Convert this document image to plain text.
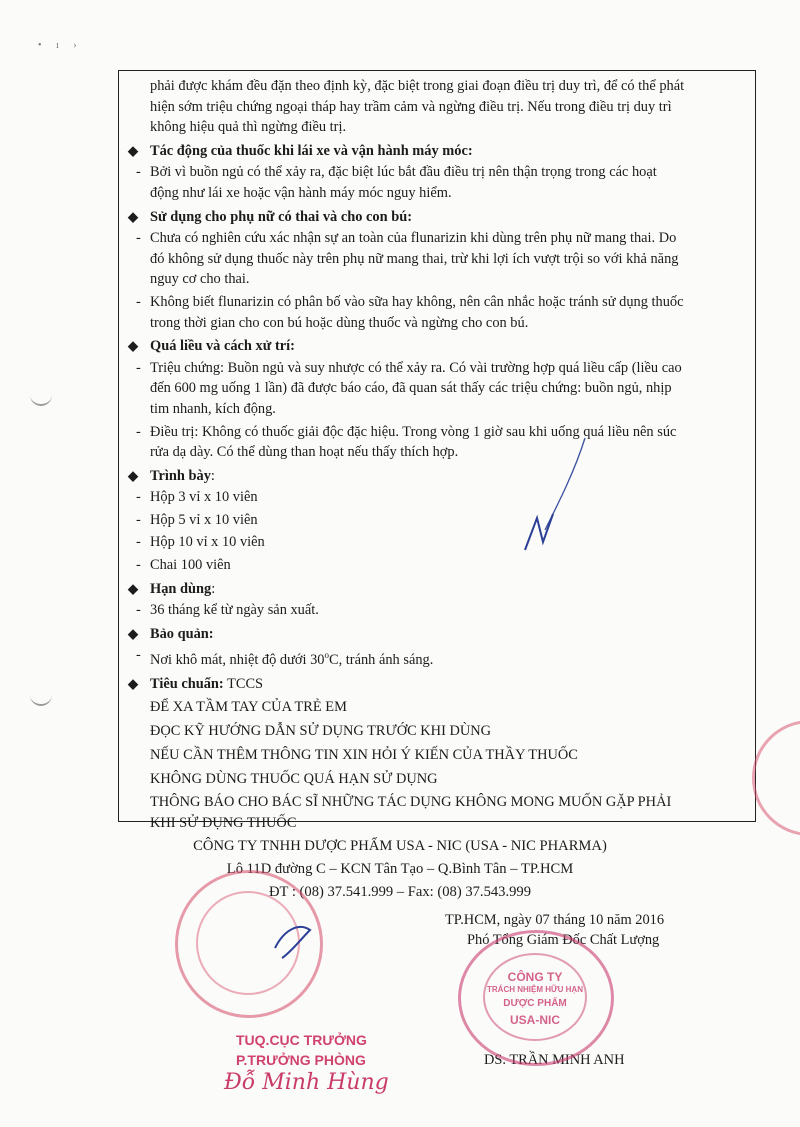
• ı ›

phải được khám đều đặn theo định kỳ, đặc biệt trong giai đoạn điều trị duy trì, để có thể phát

hiện sớm triệu chứng ngoại tháp hay trầm cảm và ngừng điều trị. Nếu trong điều trị duy trì

không hiệu quả thì ngừng điều trị.

◆ Tác động của thuốc khi lái xe và vận hành máy móc:
- Bởi vì buồn ngủ có thể xảy ra, đặc biệt lúc bắt đầu điều trị nên thận trọng trong các hoạt
động như lái xe hoặc vận hành máy móc nguy hiểm.
◆ Sử dụng cho phụ nữ có thai và cho con bú:
- Chưa có nghiên cứu xác nhận sự an toàn của flunarizin khi dùng trên phụ nữ mang thai. Do
đó không sử dụng thuốc này trên phụ nữ mang thai, trừ khi lợi ích vượt trội so với khả năng
nguy cơ cho thai.
- Không biết flunarizin có phân bố vào sữa hay không, nên cân nhắc hoặc tránh sử dụng thuốc
trong thời gian cho con bú hoặc dùng thuốc và ngừng cho con bú.
◆ Quá liều và cách xử trí:
- Triệu chứng: Buồn ngủ và suy nhược có thể xảy ra. Có vài trường hợp quá liều cấp (liều cao
đến 600 mg uống 1 lần) đã được báo cáo, đã quan sát thấy các triệu chứng: buồn ngủ, nhịp
tim nhanh, kích động.
- Điều trị: Không có thuốc giải độc đặc hiệu. Trong vòng 1 giờ sau khi uống quá liều nên súc
rửa dạ dày. Có thể dùng than hoạt nếu thấy thích hợp.
◆ Trình bày:
- Hộp 3 vỉ x 10 viên
- Hộp 5 vỉ x 10 viên
- Hộp 10 vỉ x 10 viên
- Chai 100 viên
◆ Hạn dùng:
- 36 tháng kể từ ngày sản xuất.
◆ Bảo quản:
- Nơi khô mát, nhiệt độ dưới 30$^o$C, tránh ánh sáng.
◆ Tiêu chuẩn: TCCS
ĐỂ XA TẦM TAY CỦA TRẺ EM
ĐỌC KỸ HƯỚNG DẪN SỬ DỤNG TRƯỚC KHI DÙNG
NẾU CẦN THÊM THÔNG TIN XIN HỎI Ý KIẾN CỦA THẦY THUỐC
KHÔNG DÙNG THUỐC QUÁ HẠN SỬ DỤNG
THÔNG BÁO CHO BÁC SĨ NHỮNG TÁC DỤNG KHÔNG MONG MUỐN GẶP PHẢI
KHI SỬ DỤNG THUỐC
CÔNG TY TNHH DƯỢC PHẨM USA - NIC (USA - NIC PHARMA)
Lô 11D đường C – KCN Tân Tạo – Q.Bình Tân – TP.HCM
ĐT : (08) 37.541.999 – Fax: (08) 37.543.999
TP.HCM, ngày 07 tháng 10 năm 2016
Phó Tổng Giám Đốc Chất Lượng
DS. TRẦN MINH ANH
CÔNG TY
TRÁCH NHIỆM HỮU HẠN
DƯỢC PHẨM
USA-NIC
TUQ.CỤC TRƯỞNG
P.TRƯỞNG PHÒNG
Đỗ Minh Hùng
